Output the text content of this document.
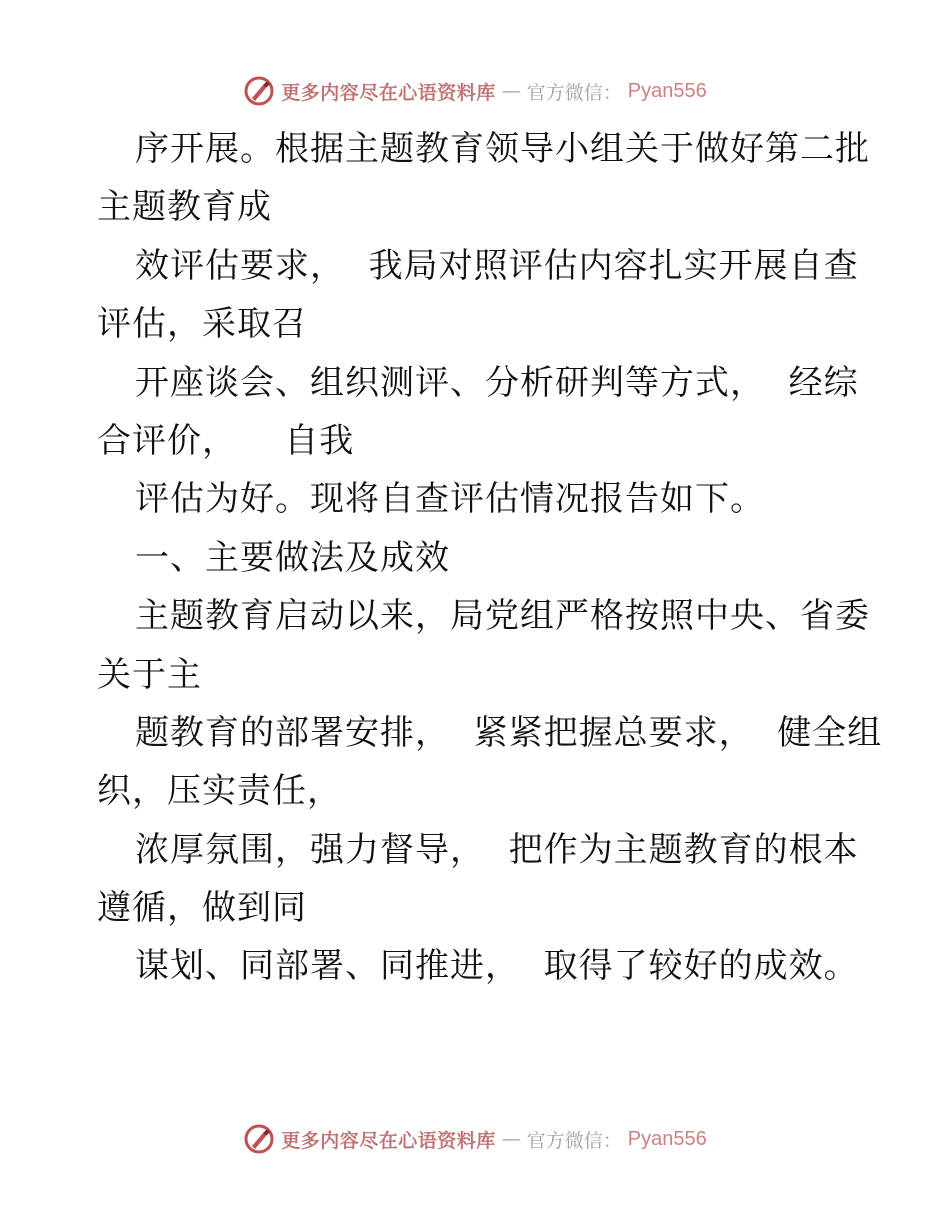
更多内容尽在心语资料库 — 官方微信： Pyan556
序开展。根据主题教育领导小组关于做好第二批
主题教育成
效评估要求，  我局对照评估内容扎实开展自查
评估，采取召
开座谈会、组织测评、分析研判等方式，  经综
合评价，    自我
评估为好。现将自查评估情况报告如下。
一、主要做法及成效
主题教育启动以来，局党组严格按照中央、省委
关于主
题教育的部署安排，  紧紧把握总要求，  健全组
织，压实责任，
浓厚氛围，强力督导，  把作为主题教育的根本
遵循，做到同
谋划、同部署、同推进，  取得了较好的成效。
更多内容尽在心语资料库 — 官方微信： Pyan556
